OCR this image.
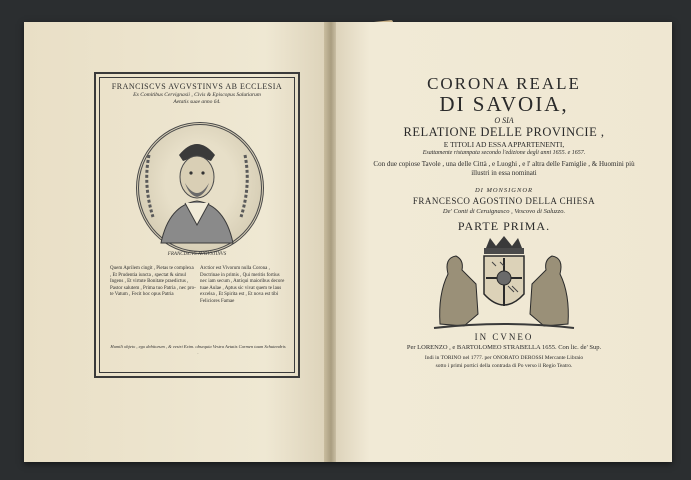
FRANCISCVS AVGVSTINVS AB ECCLESIA
Ex Comitibus Cervignasii , Civis & Episcopus Salutiarum
Aetatis suae anno 64.
FRANCISCVS AVGVSTINVS
Quem Aprilem cingit , Pietas te complexa , Et Prudentia iuncta , spectat & simul Ingens , Et virtute Bonitate praedictus , Pastor salutem , Prima tuo Patria , nec pro- te Vatum , Fecit hoc opus Patria
Arctior est Vivorum nulla Corona , Doctrinae in primis , Qui meritis fortius nec iam secum , Antiqui maioribus decore tuae Aulae , Aptus sic vivat quem te laus excelsa , Et Spirita est , Et nova est tibi Feliciores Famae
Humili objeto , ego debitorum , & vestri Exim. obsequia Vestra Aetatis Carmen tuum Schutendris .
CORONA REALE
DI SAVOIA,
O SIA
RELATIONE DELLE PROVINCIE ,
E TITOLI AD ESSA APPARTENENTI,
Esattamente ristampata secondo l'edizione degli anni 1655. e 1657.
Con due copiose Tavole , una delle Città , e Luoghi , e l' altra delle Famiglie , & Huomini più illustri in essa nominati
DI MONSIGNOR
FRANCESCO AGOSTINO DELLA CHIESA
De' Conti di Ceruignasco , Vescovo di Saluzzo.
PARTE PRIMA.
IN CVNEO
Per LORENZO , e BARTOLOMEO STRABELLA 1655. Con lic. de' Sup.
Indi in TORINO nel 1777. per ONORATO DEROSSI Mercante Libraio
sotto i primi portici della contrada di Po verso il Regio Teatro.
